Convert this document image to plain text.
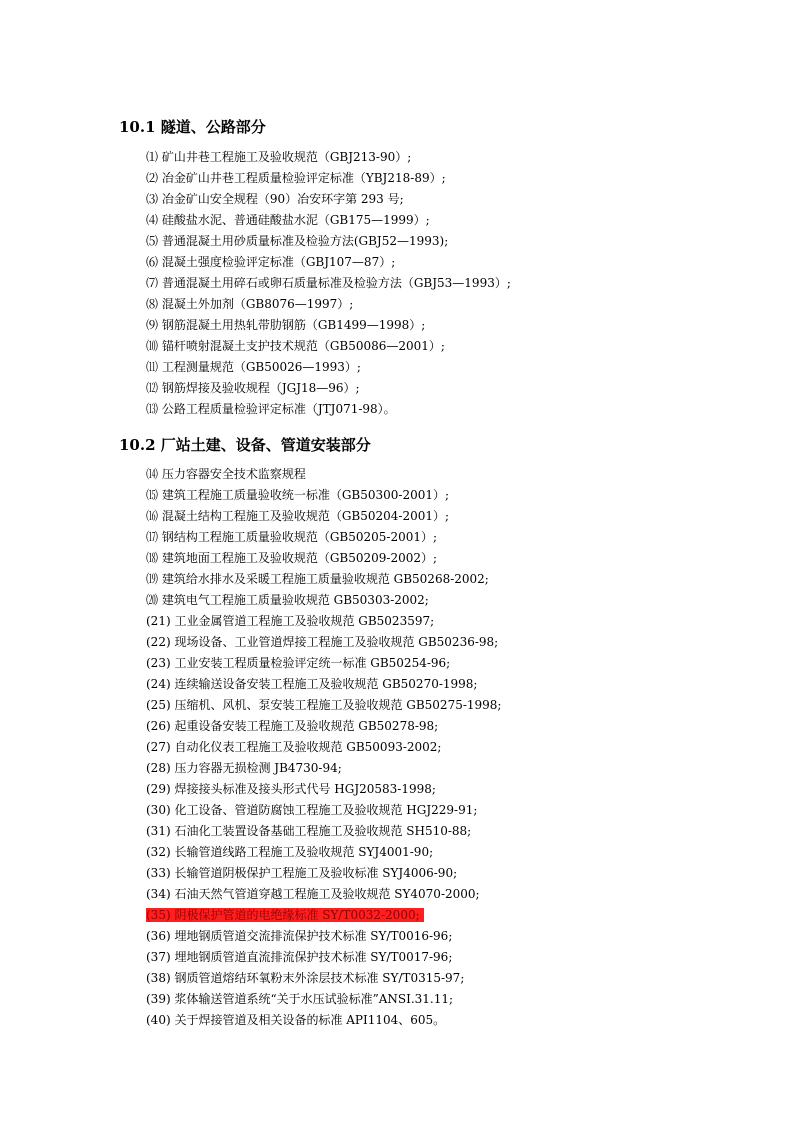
10.1 隧道、公路部分
⑴ 矿山井巷工程施工及验收规范（GBJ213-90）;
⑵ 冶金矿山井巷工程质量检验评定标准（YBJ218-89）;
⑶ 冶金矿山安全规程（90）冶安环字第 293 号;
⑷ 硅酸盐水泥、普通硅酸盐水泥（GB175—1999）;
⑸ 普通混凝土用砂质量标准及检验方法(GBJ52—1993);
⑹ 混凝土强度检验评定标准（GBJ107—87）;
⑺ 普通混凝土用碎石或卵石质量标准及检验方法（GBJ53—1993）;
⑻ 混凝土外加剂（GB8076—1997）;
⑼ 钢筋混凝土用热轧带肋钢筋（GB1499—1998）;
⑽ 锚杆喷射混凝土支护技术规范（GB50086—2001）;
⑾ 工程测量规范（GB50026—1993）;
⑿ 钢筋焊接及验收规程（JGJ18—96）;
⒀ 公路工程质量检验评定标准（JTJ071-98）。
10.2 厂站土建、设备、管道安装部分
⒁ 压力容器安全技术监察规程
⒂ 建筑工程施工质量验收统一标准（GB50300-2001）;
⒃ 混凝土结构工程施工及验收规范（GB50204-2001）;
⒄ 钢结构工程施工质量验收规范（GB50205-2001）;
⒅ 建筑地面工程施工及验收规范（GB50209-2002）;
⒆ 建筑给水排水及采暖工程施工质量验收规范 GB50268-2002;
⒇ 建筑电气工程施工质量验收规范 GB50303-2002;
(21) 工业金属管道工程施工及验收规范 GB5023597;
(22) 现场设备、工业管道焊接工程施工及验收规范 GB50236-98;
(23) 工业安装工程质量检验评定统一标准 GB50254-96;
(24) 连续输送设备安装工程施工及验收规范 GB50270-1998;
(25) 压缩机、风机、泵安装工程施工及验收规范 GB50275-1998;
(26) 起重设备安装工程施工及验收规范 GB50278-98;
(27) 自动化仪表工程施工及验收规范 GB50093-2002;
(28) 压力容器无损检测 JB4730-94;
(29) 焊接接头标准及接头形式代号 HGJ20583-1998;
(30) 化工设备、管道防腐蚀工程施工及验收规范 HGJ229-91;
(31) 石油化工装置设备基础工程施工及验收规范 SH510-88;
(32) 长输管道线路工程施工及验收规范 SYJ4001-90;
(33) 长输管道阴极保护工程施工及验收标准 SYJ4006-90;
(34) 石油天然气管道穿越工程施工及验收规范 SY4070-2000;
(35) 阴极保护管道的电绝缘标准 SY/T0032-2000;
(36) 埋地钢质管道交流排流保护技术标准 SY/T0016-96;
(37) 埋地钢质管道直流排流保护技术标准 SY/T0017-96;
(38) 钢质管道熔结环氧粉末外涂层技术标准 SY/T0315-97;
(39) 浆体输送管道系统“关于水压试验标准”ANSI.31.11;
(40) 关于焊接管道及相关设备的标准 API1104、605。
